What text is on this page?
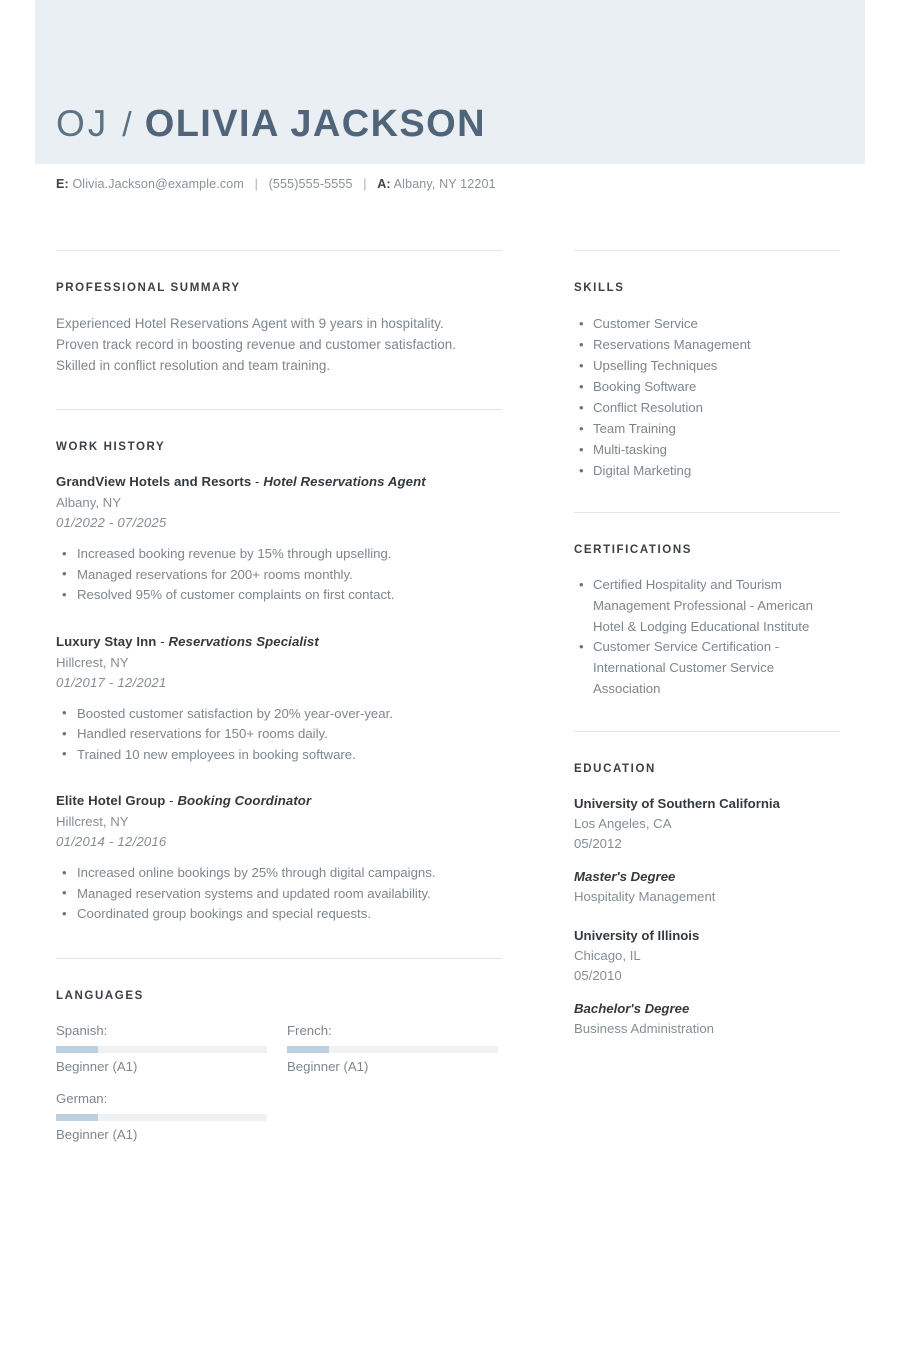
OJ / OLIVIA JACKSON
E: Olivia.Jackson@example.com | (555)555-5555 | A: Albany, NY 12201
PROFESSIONAL SUMMARY
Experienced Hotel Reservations Agent with 9 years in hospitality.
Proven track record in boosting revenue and customer satisfaction.
Skilled in conflict resolution and team training.
WORK HISTORY
GrandView Hotels and Resorts - Hotel Reservations Agent
Albany, NY
01/2022 - 07/2025
• Increased booking revenue by 15% through upselling.
• Managed reservations for 200+ rooms monthly.
• Resolved 95% of customer complaints on first contact.
Luxury Stay Inn - Reservations Specialist
Hillcrest, NY
01/2017 - 12/2021
• Boosted customer satisfaction by 20% year-over-year.
• Handled reservations for 150+ rooms daily.
• Trained 10 new employees in booking software.
Elite Hotel Group - Booking Coordinator
Hillcrest, NY
01/2014 - 12/2016
• Increased online bookings by 25% through digital campaigns.
• Managed reservation systems and updated room availability.
• Coordinated group bookings and special requests.
LANGUAGES
Spanish:
Beginner (A1)
French:
Beginner (A1)
German:
Beginner (A1)
SKILLS
• Customer Service
• Reservations Management
• Upselling Techniques
• Booking Software
• Conflict Resolution
• Team Training
• Multi-tasking
• Digital Marketing
CERTIFICATIONS
• Certified Hospitality and Tourism Management Professional - American Hotel & Lodging Educational Institute
• Customer Service Certification - International Customer Service Association
EDUCATION
University of Southern California
Los Angeles, CA
05/2012
Master's Degree
Hospitality Management
University of Illinois
Chicago, IL
05/2010
Bachelor's Degree
Business Administration
